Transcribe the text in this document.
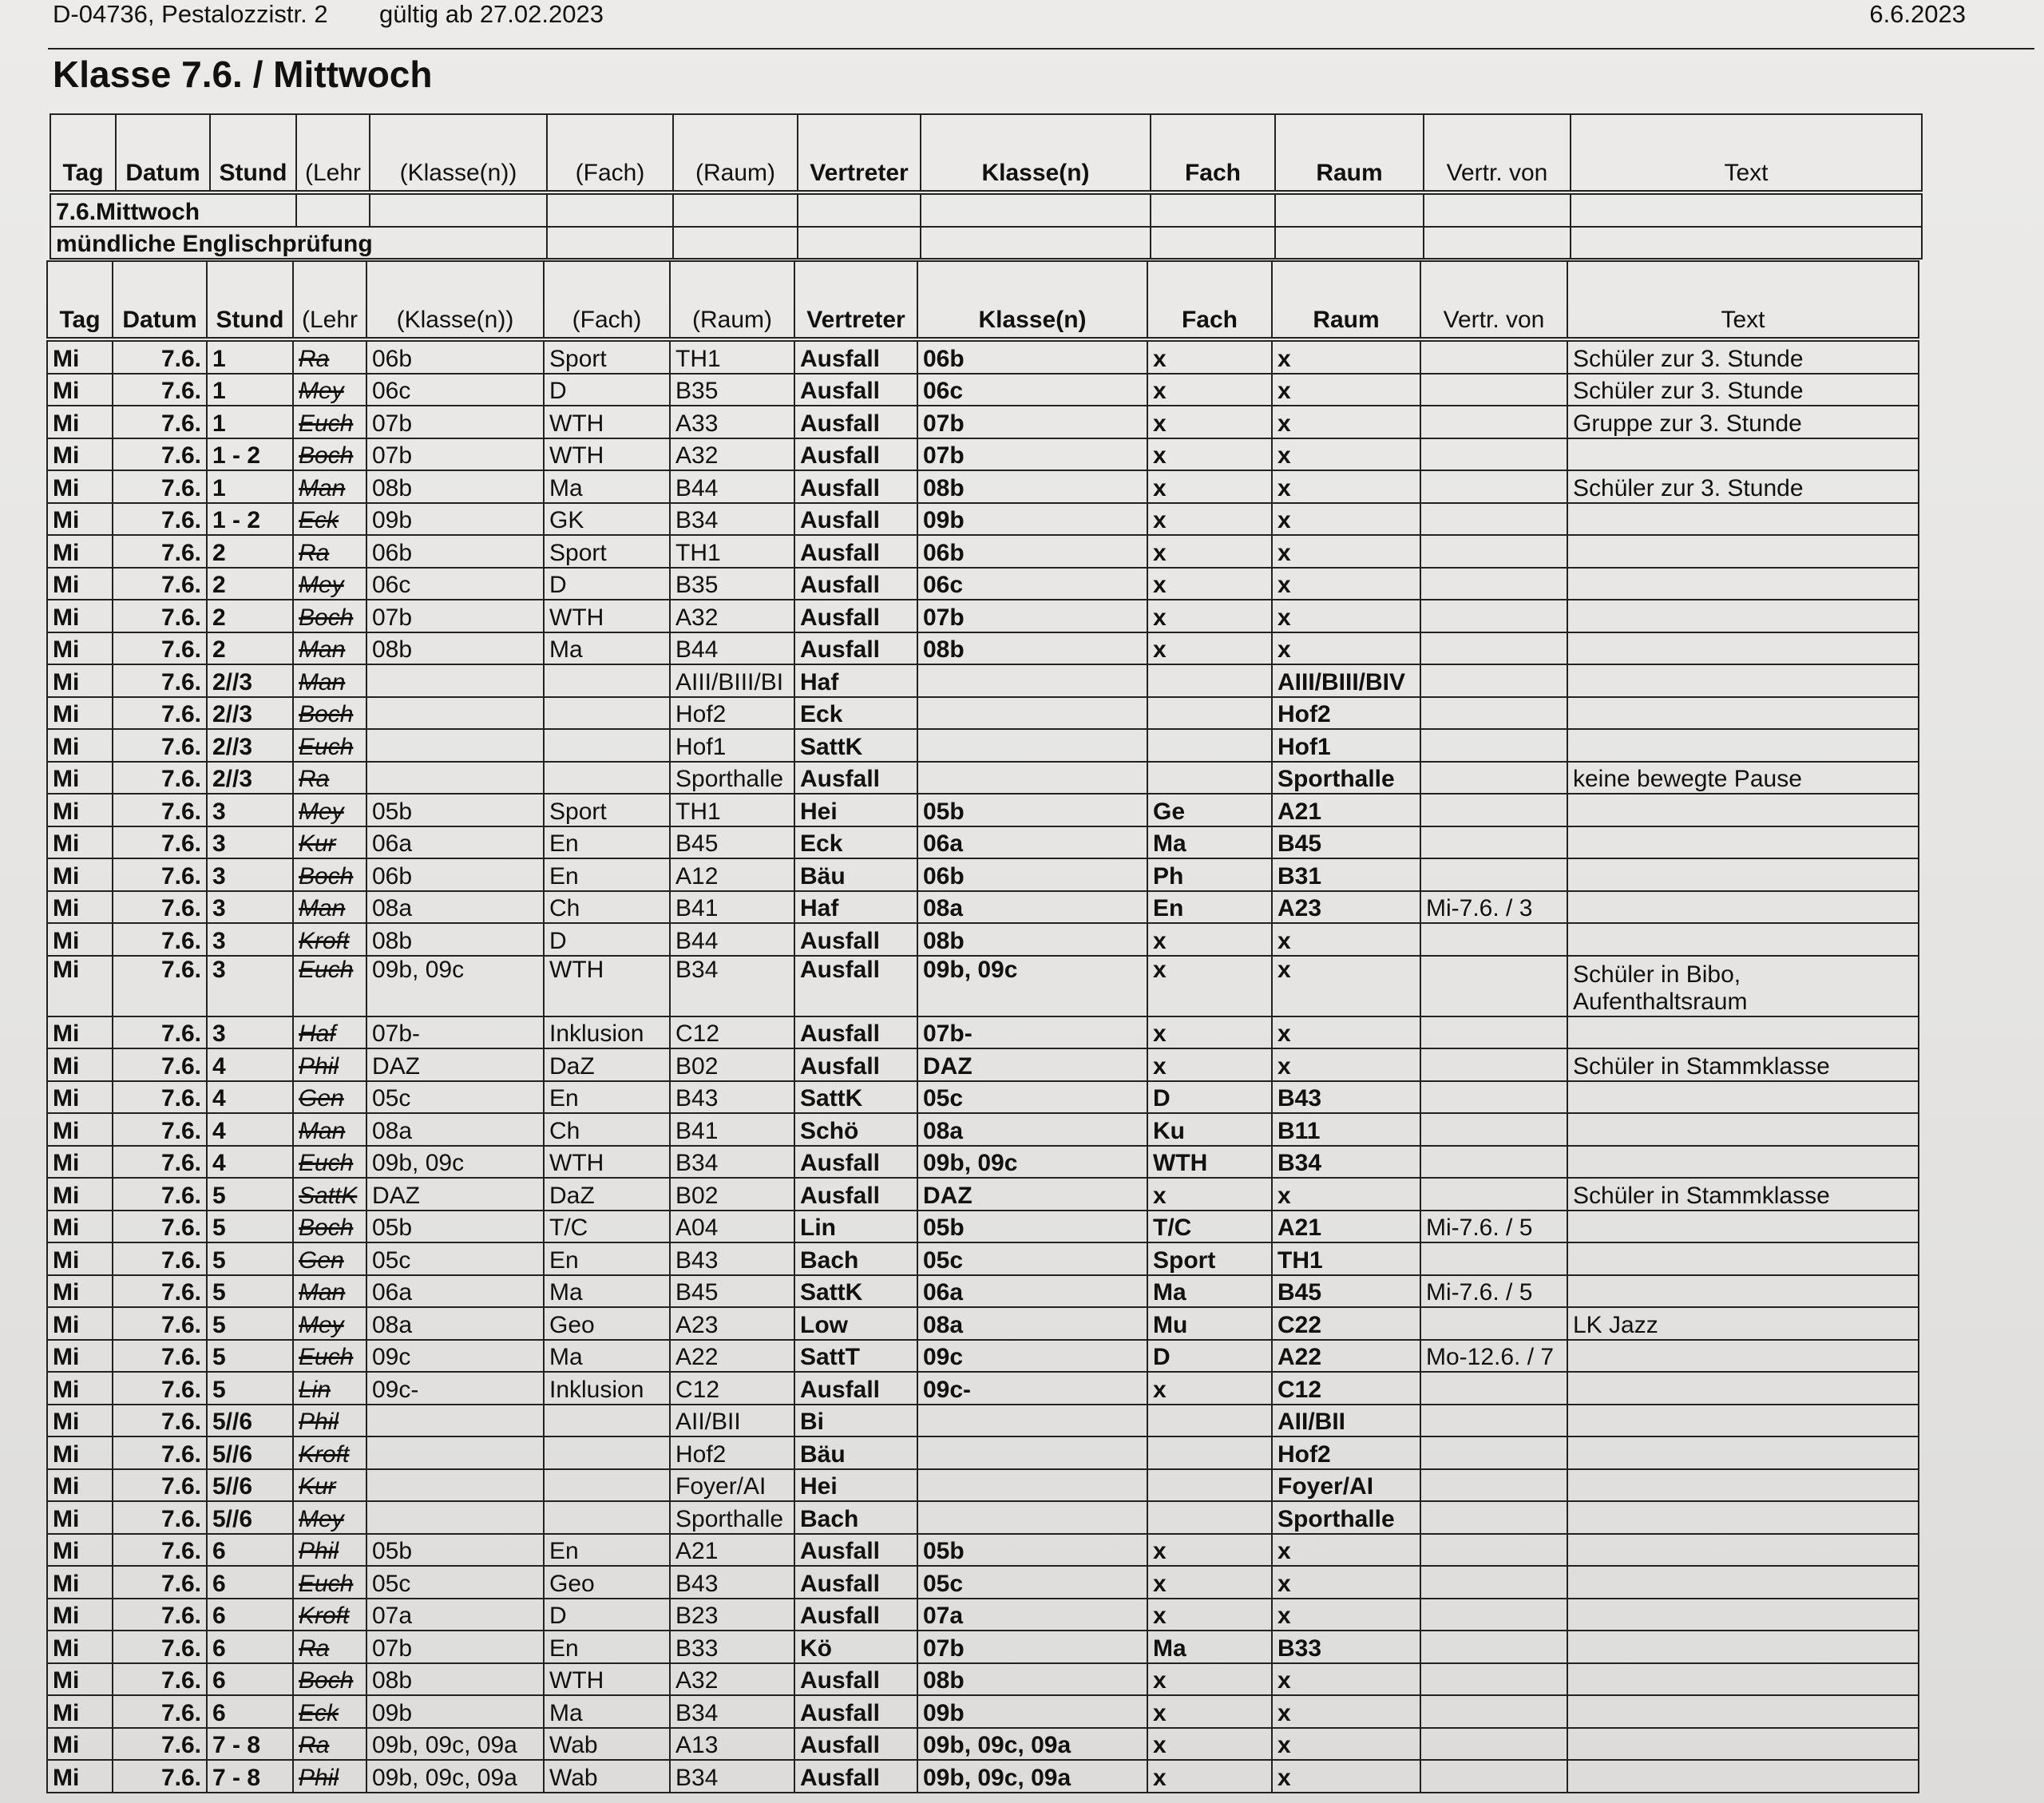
D-04736, Pestalozzistr. 2 gültig ab 27.02.2023	6.6.2023
Klasse 7.6. / Mittwoch
Tag	Datum	Stund	(Lehr	(Klasse(n))	(Fach)	(Raum)	Vertreter	Klasse(n)	Fach	Raum	Vertr. von	Text
7.6.Mittwoch												
mündliche Englischprüfung												
Tag	Datum	Stund	(Lehr	(Klasse(n))	(Fach)	(Raum)	Vertreter	Klasse(n)	Fach	Raum	Vertr. von	Text
Mi	7.6.	1	Ra	06b	Sport	TH1	Ausfall	06b	x	x		Schüler zur 3. Stunde
Mi	7.6.	1	Mey	06c	D	B35	Ausfall	06c	x	x		Schüler zur 3. Stunde
Mi	7.6.	1	Euch	07b	WTH	A33	Ausfall	07b	x	x		Gruppe zur 3. Stunde
Mi	7.6.	1 - 2	Boch	07b	WTH	A32	Ausfall	07b	x	x		
Mi	7.6.	1	Man	08b	Ma	B44	Ausfall	08b	x	x		Schüler zur 3. Stunde
Mi	7.6.	1 - 2	Eck	09b	GK	B34	Ausfall	09b	x	x		
Mi	7.6.	2	Ra	06b	Sport	TH1	Ausfall	06b	x	x		
Mi	7.6.	2	Mey	06c	D	B35	Ausfall	06c	x	x		
Mi	7.6.	2	Boch	07b	WTH	A32	Ausfall	07b	x	x		
Mi	7.6.	2	Man	08b	Ma	B44	Ausfall	08b	x	x		
Mi	7.6.	2//3	Man			AIII/BIII/BI	Haf			AIII/BIII/BIV		
Mi	7.6.	2//3	Boch			Hof2	Eck			Hof2		
Mi	7.6.	2//3	Euch			Hof1	SattK			Hof1		
Mi	7.6.	2//3	Ra			Sporthalle	Ausfall			Sporthalle		keine bewegte Pause
Mi	7.6.	3	Mey	05b	Sport	TH1	Hei	05b	Ge	A21		
Mi	7.6.	3	Kur	06a	En	B45	Eck	06a	Ma	B45		
Mi	7.6.	3	Boch	06b	En	A12	Bäu	06b	Ph	B31		
Mi	7.6.	3	Man	08a	Ch	B41	Haf	08a	En	A23	Mi-7.6. / 3	
Mi	7.6.	3	Kroft	08b	D	B44	Ausfall	08b	x	x		
Mi	7.6.	3	Euch	09b, 09c	WTH	B34	Ausfall	09b, 09c	x	x		Schüler in Bibo,
Aufenthaltsraum
Mi	7.6.	3	Haf	07b-	Inklusion	C12	Ausfall	07b-	x	x		
Mi	7.6.	4	Phil	DAZ	DaZ	B02	Ausfall	DAZ	x	x		Schüler in Stammklasse
Mi	7.6.	4	Gen	05c	En	B43	SattK	05c	D	B43		
Mi	7.6.	4	Man	08a	Ch	B41	Schö	08a	Ku	B11		
Mi	7.6.	4	Euch	09b, 09c	WTH	B34	Ausfall	09b, 09c	WTH	B34		
Mi	7.6.	5	SattK	DAZ	DaZ	B02	Ausfall	DAZ	x	x		Schüler in Stammklasse
Mi	7.6.	5	Boch	05b	T/C	A04	Lin	05b	T/C	A21	Mi-7.6. / 5	
Mi	7.6.	5	Gen	05c	En	B43	Bach	05c	Sport	TH1		
Mi	7.6.	5	Man	06a	Ma	B45	SattK	06a	Ma	B45	Mi-7.6. / 5	
Mi	7.6.	5	Mey	08a	Geo	A23	Low	08a	Mu	C22		LK Jazz
Mi	7.6.	5	Euch	09c	Ma	A22	SattT	09c	D	A22	Mo-12.6. / 7	
Mi	7.6.	5	Lin	09c-	Inklusion	C12	Ausfall	09c-	x	C12		
Mi	7.6.	5//6	Phil			AII/BII	Bi			AII/BII		
Mi	7.6.	5//6	Kroft			Hof2	Bäu			Hof2		
Mi	7.6.	5//6	Kur			Foyer/AI	Hei			Foyer/AI		
Mi	7.6.	5//6	Mey			Sporthalle	Bach			Sporthalle		
Mi	7.6.	6	Phil	05b	En	A21	Ausfall	05b	x	x		
Mi	7.6.	6	Euch	05c	Geo	B43	Ausfall	05c	x	x		
Mi	7.6.	6	Kroft	07a	D	B23	Ausfall	07a	x	x		
Mi	7.6.	6	Ra	07b	En	B33	Kö	07b	Ma	B33		
Mi	7.6.	6	Boch	08b	WTH	A32	Ausfall	08b	x	x		
Mi	7.6.	6	Eck	09b	Ma	B34	Ausfall	09b	x	x		
Mi	7.6.	7 - 8	Ra	09b, 09c, 09a	Wab	A13	Ausfall	09b, 09c, 09a	x	x		
Mi	7.6.	7 - 8	Phil	09b, 09c, 09a	Wab	B34	Ausfall	09b, 09c, 09a	x	x		
